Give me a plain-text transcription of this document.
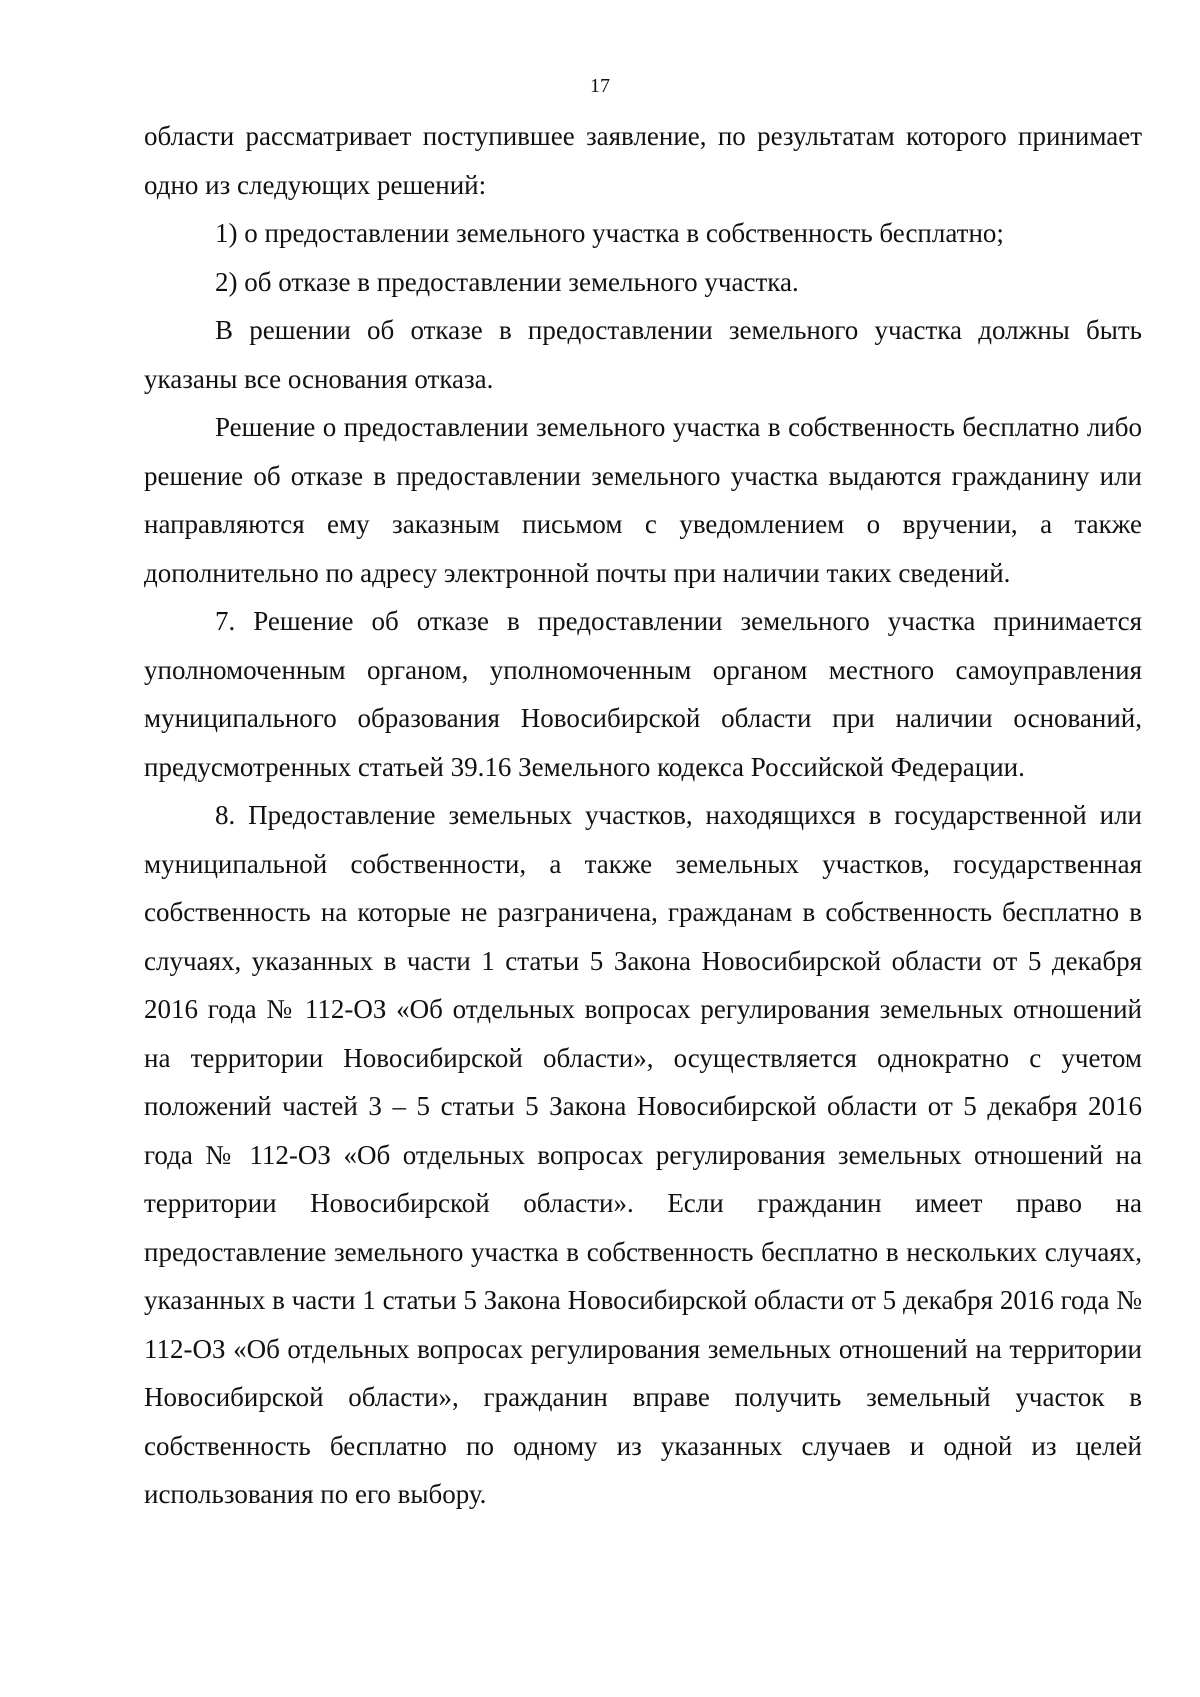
17

области рассматривает поступившее заявление, по результатам которого принимает одно из следующих решений:

1) о предоставлении земельного участка в собственность бесплатно;

2) об отказе в предоставлении земельного участка.

В решении об отказе в предоставлении земельного участка должны быть указаны все основания отказа.

Решение о предоставлении земельного участка в собственность бесплатно либо решение об отказе в предоставлении земельного участка выдаются гражданину или направляются ему заказным письмом с уведомлением о вручении, а также дополнительно по адресу электронной почты при наличии таких сведений.

7. Решение об отказе в предоставлении земельного участка принимается уполномоченным органом, уполномоченным органом местного самоуправления муниципального образования Новосибирской области при наличии оснований, предусмотренных статьей 39.16 Земельного кодекса Российской Федерации.

8. Предоставление земельных участков, находящихся в государственной или муниципальной собственности, а также земельных участков, государственная собственность на которые не разграничена, гражданам в собственность бесплатно в случаях, указанных в части 1 статьи 5 Закона Новосибирской области от 5 декабря 2016 года № 112-ОЗ «Об отдельных вопросах регулирования земельных отношений на территории Новосибирской области», осуществляется однократно с учетом положений частей 3 – 5 статьи 5 Закона Новосибирской области от 5 декабря 2016 года № 112-ОЗ «Об отдельных вопросах регулирования земельных отношений на территории Новосибирской области». Если гражданин имеет право на предоставление земельного участка в собственность бесплатно в нескольких случаях, указанных в части 1 статьи 5 Закона Новосибирской области от 5 декабря 2016 года № 112-ОЗ «Об отдельных вопросах регулирования земельных отношений на территории Новосибирской области», гражданин вправе получить земельный участок в собственность бесплатно по одному из указанных случаев и одной из целей использования по его выбору.
